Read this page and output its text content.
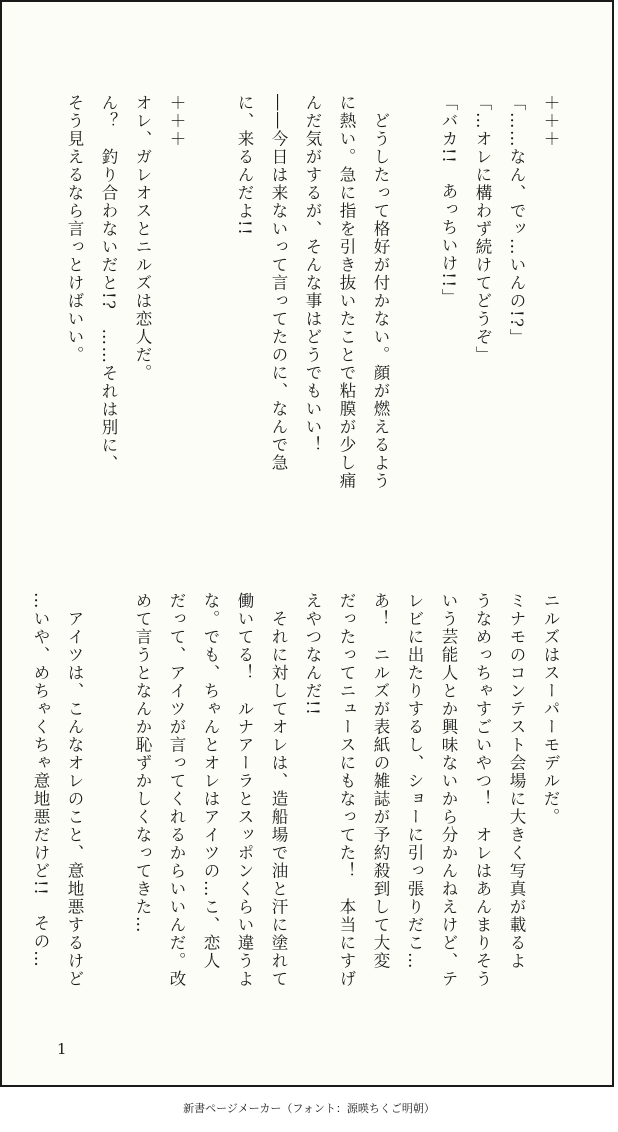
＋＋＋
「……なん、でッ…いんの!?」
「…オレに構わず続けてどうぞ」
「バカ!!　あっちいけ!!」
　どうしたって格好が付かない。顔が燃えるよう
に熱い。急に指を引き抜いたことで粘膜が少し痛
んだ気がするが、そんな事はどうでもいい！
――今日は来ないって言ってたのに、なんで急
に、来るんだよ!!
＋＋＋
オレ、ガレオスとニルズは恋人だ。
ん？　釣り合わないだと!?　……それは別に、
そう見えるなら言っとけばいい。
ニルズはスーパーモデルだ。
ミナモのコンテスト会場に大きく写真が載るよ
うなめっちゃすごいやつ！　オレはあんまりそう
いう芸能人とか興味ないから分かんねえけど、テ
レビに出たりするし、ショーに引っ張りだこ…
あ！　ニルズが表紙の雑誌が予約殺到して大変
だったってニュースにもなってた！　本当にすげ
えやつなんだ!!
　それに対してオレは、造船場で油と汗に塗れて
働いてる！　ルナアーラとスッポンくらい違うよ
な。でも、ちゃんとオレはアイツの…こ、恋人
だって、アイツが言ってくれるからいいんだ。改
めて言うとなんか恥ずかしくなってきた…
　アイツは、こんなオレのこと、意地悪するけど
…いや、めちゃくちゃ意地悪だけど!!　その…
1
新書ページメーカー（フォント：源暎ちくご明朝）
